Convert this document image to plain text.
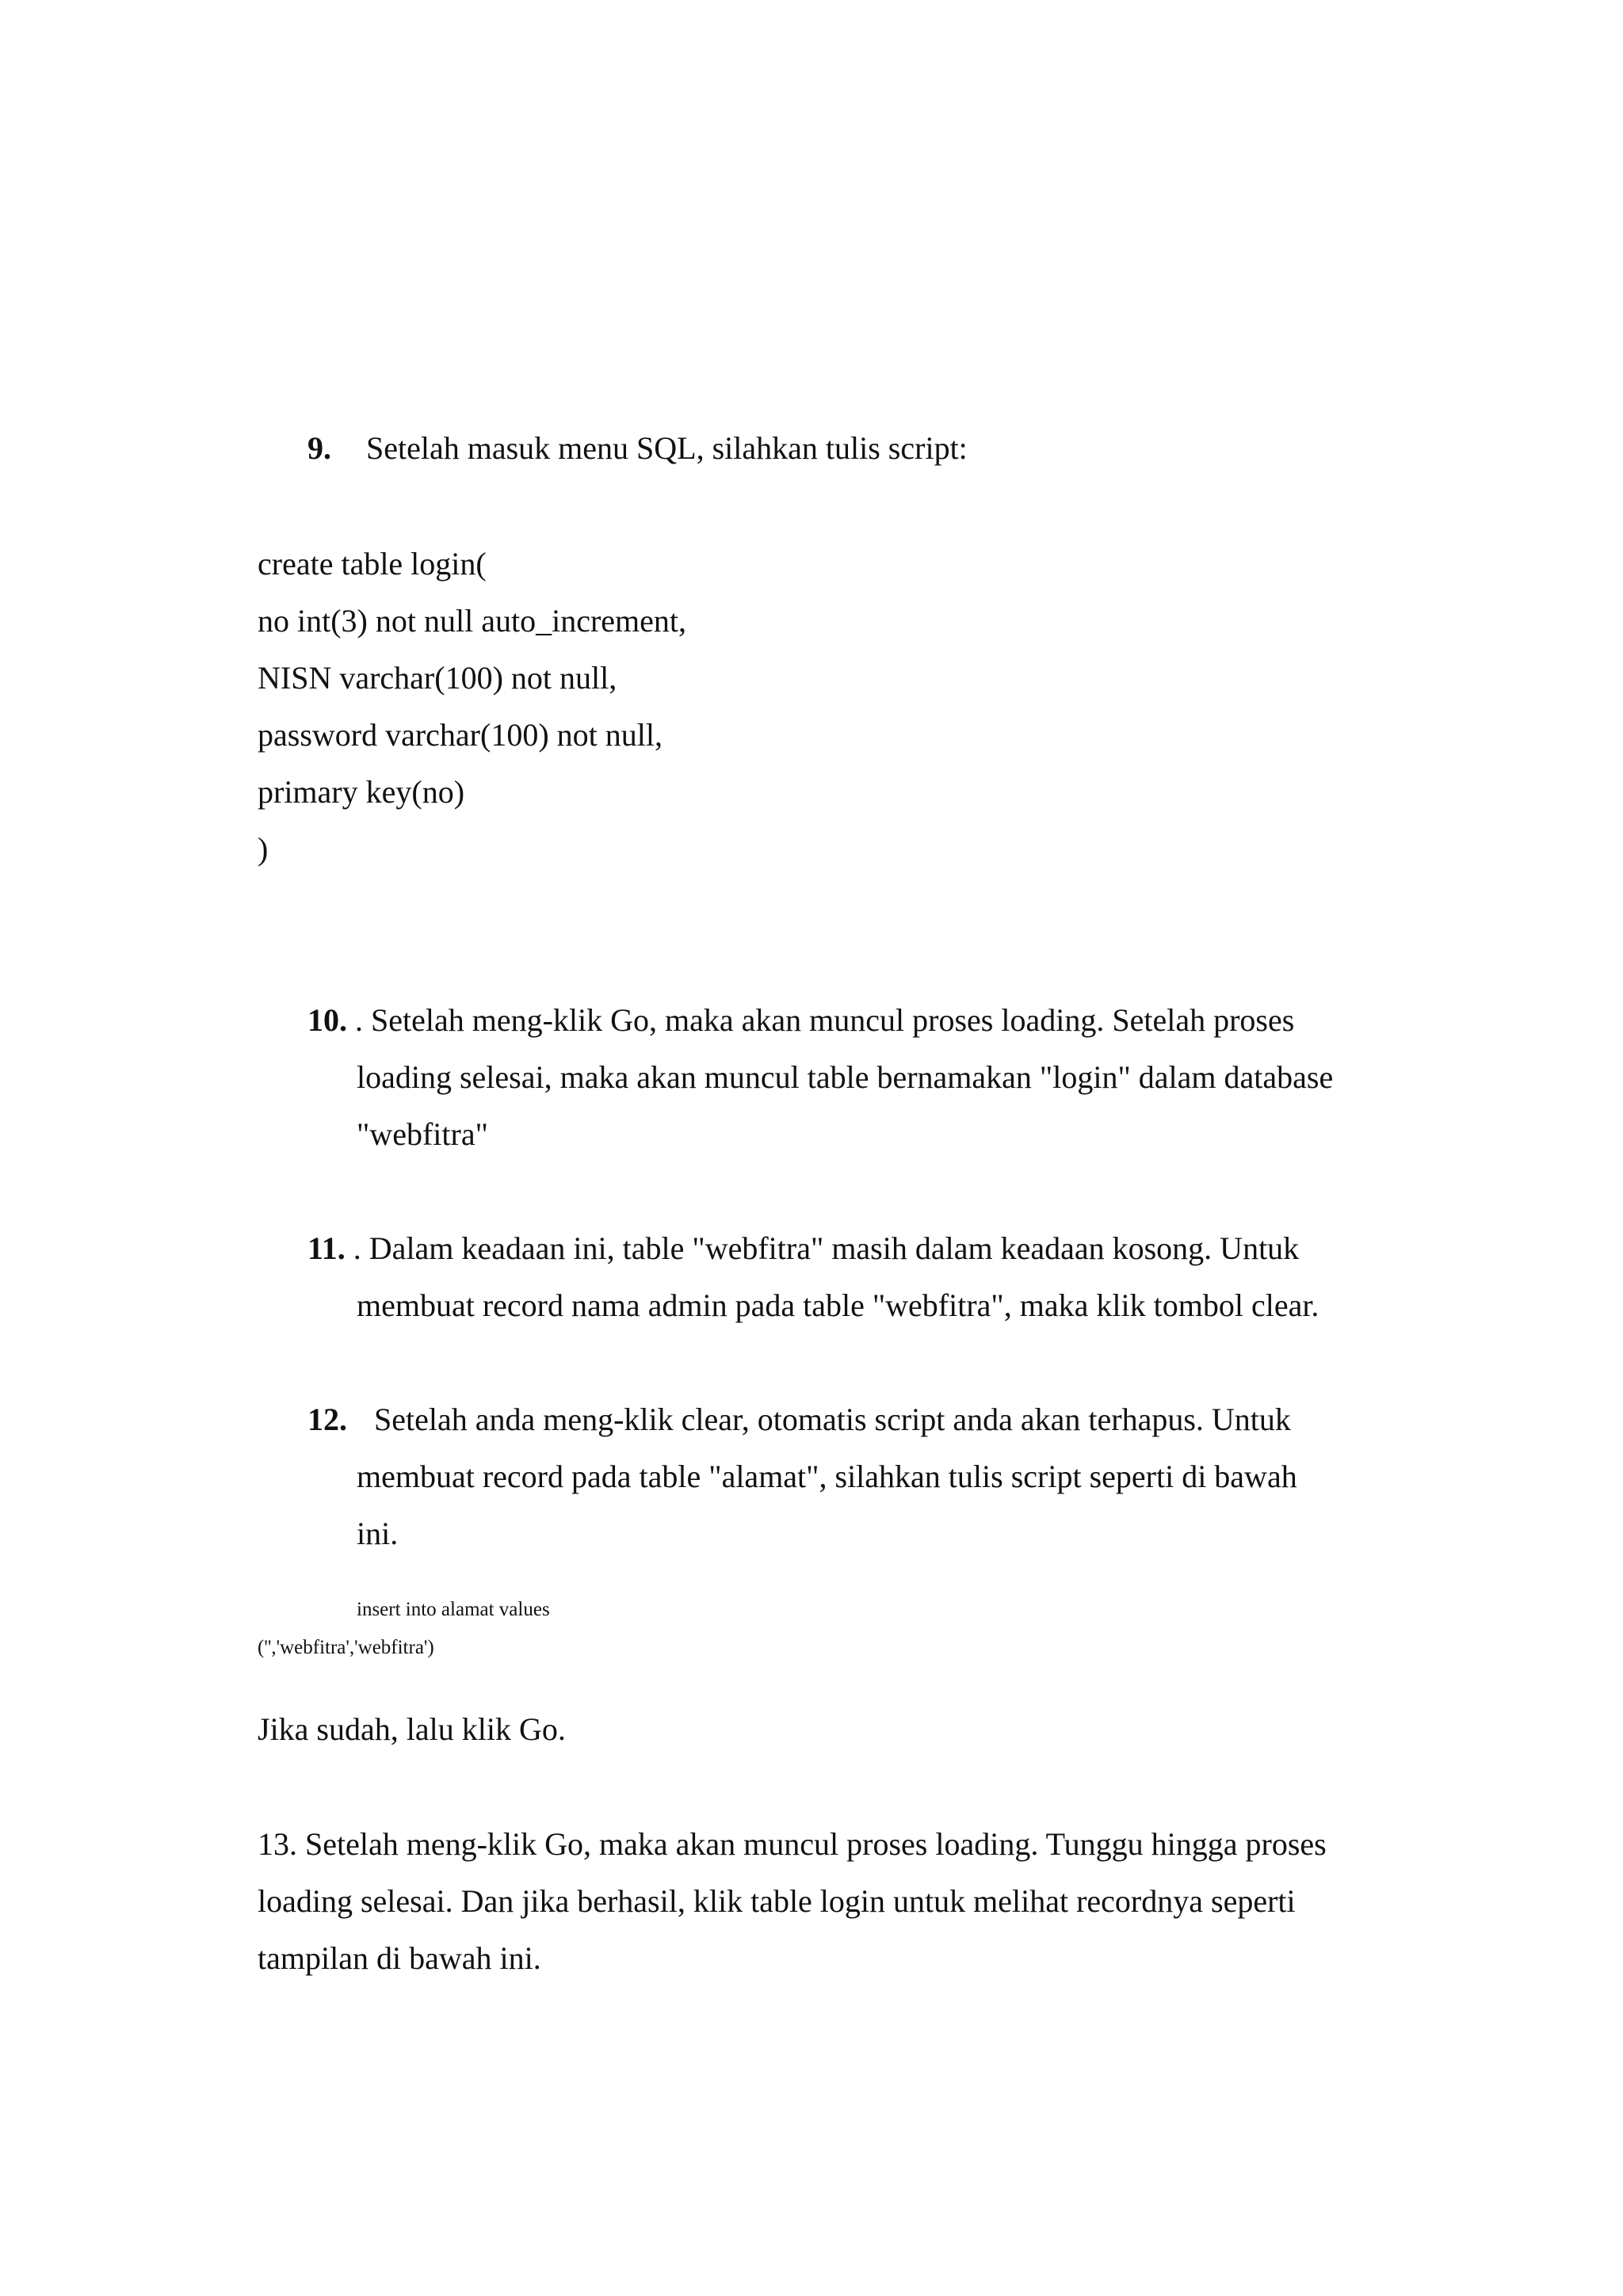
9. Setelah masuk menu SQL, silahkan tulis script:
create table login(
no int(3) not null auto_increment,
NISN varchar(100) not null,
password varchar(100) not null,
primary key(no)
)
10. . Setelah meng-klik Go, maka akan muncul proses loading. Setelah proses
loading selesai, maka akan muncul table bernamakan "login" dalam database
"webfitra"
11. . Dalam keadaan ini, table "webfitra" masih dalam keadaan kosong. Untuk
membuat record nama admin pada table "webfitra", maka klik tombol clear.
12. Setelah anda meng-klik clear, otomatis script anda akan terhapus. Untuk
membuat record pada table "alamat", silahkan tulis script seperti di bawah
ini.
insert into alamat values
('','webfitra','webfitra')
Jika sudah, lalu klik Go.
13. Setelah meng-klik Go, maka akan muncul proses loading. Tunggu hingga proses
loading selesai. Dan jika berhasil, klik table login untuk melihat recordnya seperti
tampilan di bawah ini.
